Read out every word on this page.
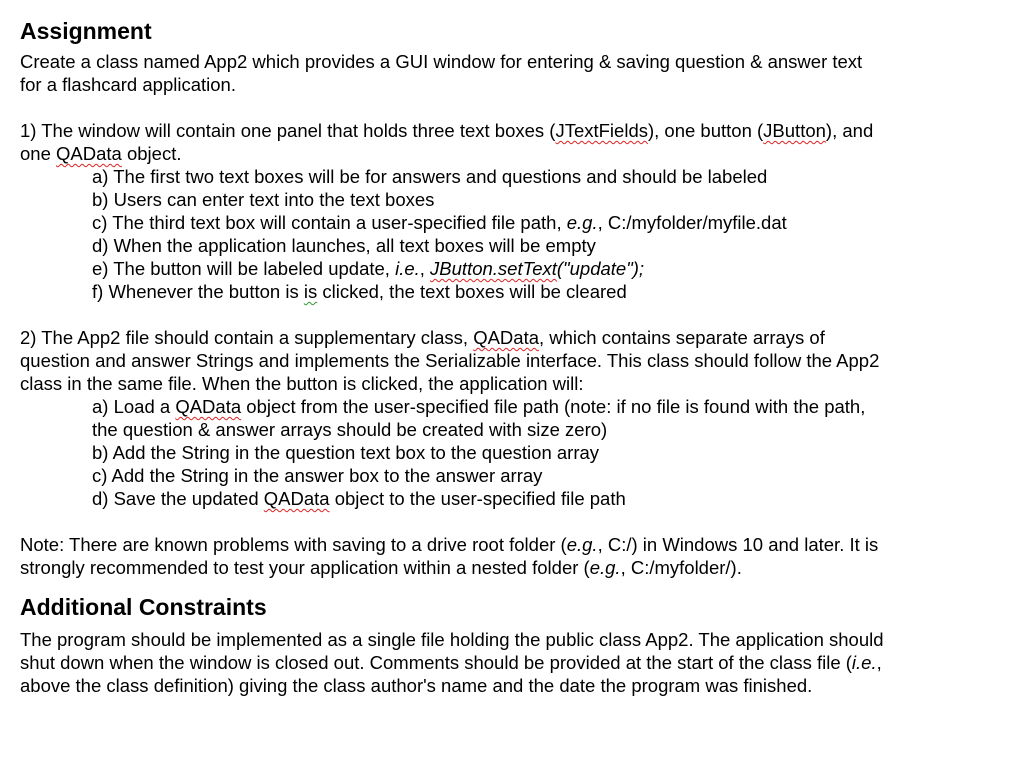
Assignment

Create a class named App2 which provides a GUI window for entering & saving question & answer text

for a flashcard application.

1) The window will contain one panel that holds three text boxes (JTextFields), one button (JButton), and

one QAData object.

a) The first two text boxes will be for answers and questions and should be labeled

b) Users can enter text into the text boxes

c) The third text box will contain a user-specified file path, e.g., C:/myfolder/myfile.dat

d) When the application launches, all text boxes will be empty

e) The button will be labeled update, i.e., JButton.setText("update");

f) Whenever the button is is clicked, the text boxes will be cleared

2) The App2 file should contain a supplementary class, QAData, which contains separate arrays of

question and answer Strings and implements the Serializable interface. This class should follow the App2

class in the same file. When the button is clicked, the application will:

a) Load a QAData object from the user-specified file path (note: if no file is found with the path,

the question & answer arrays should be created with size zero)

b) Add the String in the question text box to the question array

c) Add the String in the answer box to the answer array

d) Save the updated QAData object to the user-specified file path

Note: There are known problems with saving to a drive root folder (e.g., C:/) in Windows 10 and later. It is

strongly recommended to test your application within a nested folder (e.g., C:/myfolder/).

Additional Constraints

The program should be implemented as a single file holding the public class App2. The application should

shut down when the window is closed out. Comments should be provided at the start of the class file (i.e.,

above the class definition) giving the class author's name and the date the program was finished.
